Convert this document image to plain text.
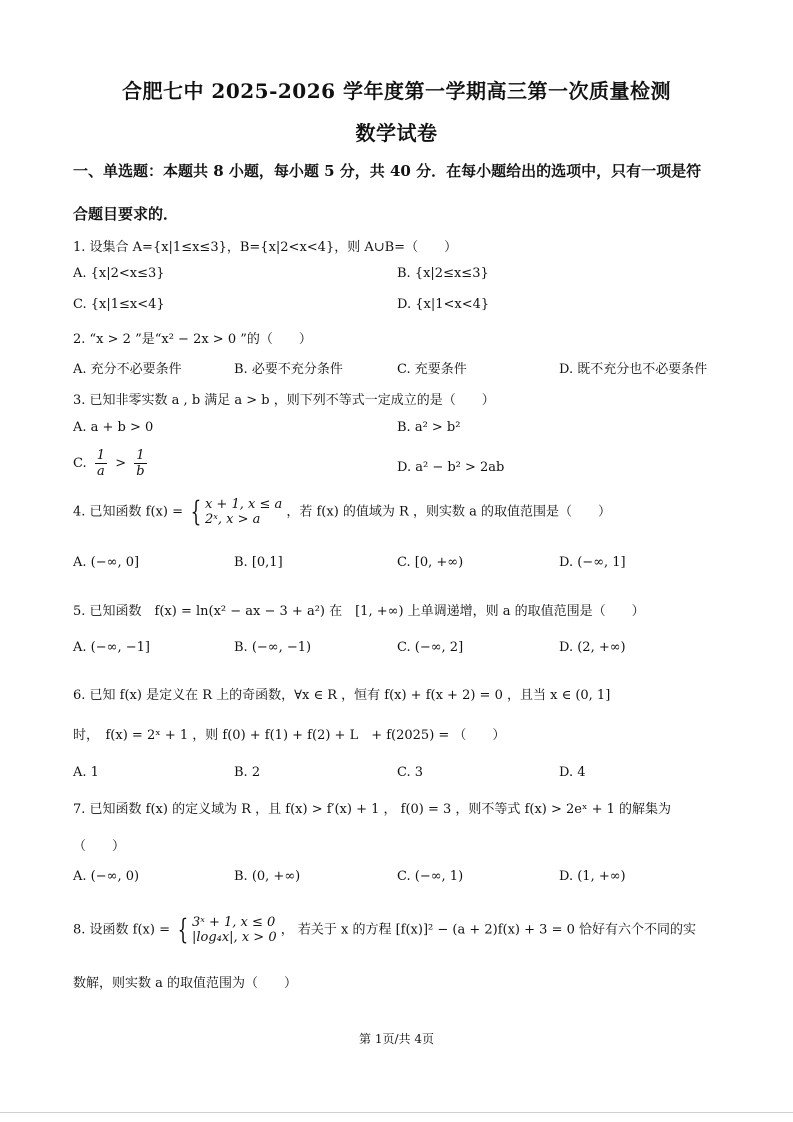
合肥七中 2025-2026 学年度第一学期高三第一次质量检测
数学试卷
一、单选题：本题共 8 小题，每小题 5 分，共 40 分．在每小题给出的选项中，只有一项是符
合题目要求的．
1. 设集合 A={x|1≤x≤3}，B={x|2<x<4}，则 A∪B=（　　）
A. {x|2<x≤3}	B. {x|2≤x≤3}
C. {x|1≤x<4}	D. {x|1<x<4}
2. “x > 2 ”是“x² − 2x > 0 ”的（　　）
A. 充分不必要条件	B. 必要不充分条件	C. 充要条件	D. 既不充分也不必要条件
3. 已知非零实数 a , b 满足 a > b ，则下列不等式一定成立的是（　　）
A. a + b > 0	B. a² > b²
C. $\frac{1}{a} > \frac{1}{b}$	D. a² − b² > 2ab
4. 已知函数 f(x) = { x + 1, x ≤ a
2ˣ, x > a ，若 f(x) 的值域为 R ，则实数 a 的取值范围是（　　）
A. (−∞, 0]	B. [0,1]	C. [0, +∞)	D. (−∞, 1]
5. 已知函数　f(x) = ln(x² − ax − 3 + a²) 在　[1, +∞) 上单调递增，则 a 的取值范围是（　　）
A. (−∞, −1]	B. (−∞, −1)	C. (−∞, 2]	D. (2, +∞)
6. 已知 f(x) 是定义在 R 上的奇函数，∀x ∈ R ，恒有 f(x) + f(x + 2) = 0 ，且当 x ∈ (0, 1]
时，　f(x) = 2ˣ + 1 ，则 f(0) + f(1) + f(2) + L　+ f(2025) = （　　）
A. 1	B. 2	C. 3	D. 4
7. 已知函数 f(x) 的定义域为 R ，且 f(x) > f′(x) + 1 ， f(0) = 3 ，则不等式 f(x) > 2eˣ + 1 的解集为
（　　）
A. (−∞, 0)	B. (0, +∞)	C. (−∞, 1)	D. (1, +∞)
8. 设函数 f(x) = { 3ˣ + 1, x ≤ 0
|log₄x|, x > 0 ， 若关于 x 的方程 [f(x)]² − (a + 2)f(x) + 3 = 0 恰好有六个不同的实
数解，则实数 a 的取值范围为（　　）
第 1页/共 4页
